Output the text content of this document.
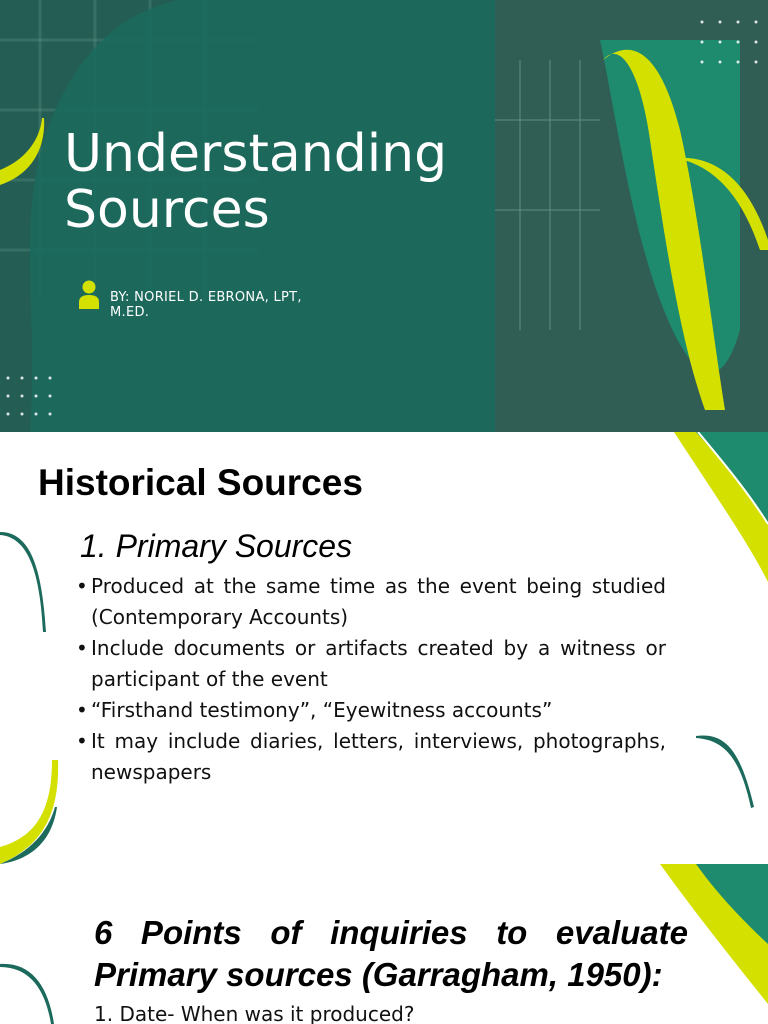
Understanding
Sources
BY: NORIEL D. EBRONA, LPT,
M.ED.
Historical Sources
1. Primary Sources
• Produced at the same time as the event being studied (Contemporary Accounts)
• Include documents or artifacts created by a witness or participant of the event
• “Firsthand testimony”, “Eyewitness accounts”
• It may include diaries, letters, interviews, photographs, newspapers
6 Points of inquiries to evaluate
Primary sources (Garragham, 1950):
1. Date- When was it produced?
